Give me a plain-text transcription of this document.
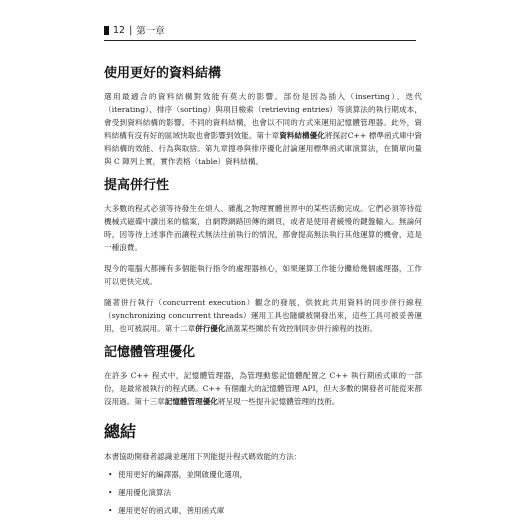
12 | 第一章
使用更好的資料結構

選用最適合的資料結構對效能有莫大的影響。部份是因為插入（inserting）、迭代（iterating）、排序（sorting）與項目檢索（retrieving entries）等演算法的執行期成本，會受到資料結構的影響。不同的資料結構，也會以不同的方式來運用記憶體管理器。此外，資料結構有沒有好的區域快取也會影響到效能。第十章資料結構優化將探討C++ 標準函式庫中資料結構的效能、行為與取捨。第九章搜尋與排序優化討論運用標準函式庫演算法，在簡單向量與 C 陣列上實，實作表格（table）資料結構。

提高併行性

大多數的程式必須等待發生在煩人、雜亂之物理實體世界中的某些活動完成。它們必須等待從機械式磁碟中讀出來的檔案，自網際網路回傳的網頁，或者是使用者緩慢的鍵盤輸入。無論何時，因等待上述事件而讓程式無法往前執行的情況，都會提高無法執行其他運算的機會，這是一種浪費。

現今的電腦大都擁有多個能執行指令的處理器核心，如果運算工作能分攤給幾個處理器，工作可以更快完成。

隨著併行執行（concurrent execution）觀念的發展，供彼此共用資料的同步併行線程（synchronizing concurrent threads）運用工具也隨續被開發出來，這些工具可被妥善運用，也可被誤用。第十二章併行優化涵蓋某些關於有效控制同步併行線程的技術。

記憶體管理優化

在許多 C++ 程式中，記憶體管理器，為管理動態記憶體配置之 C++ 執行期函式庫的一部份，是最常被執行的程式碼。C++ 有個龐大的記憶體管理 API，但大多數的開發者可能從來都沒用過。第十三章記憶體管理優化將呈現一些提升記憶體管理的技術。

總結

本書協助開發者認識並運用下列能提升程式碼效能的方法：

• 使用更好的編譯器，並開啟優化選項，
• 運用優化演算法
• 運用更好的函式庫，善用函式庫
